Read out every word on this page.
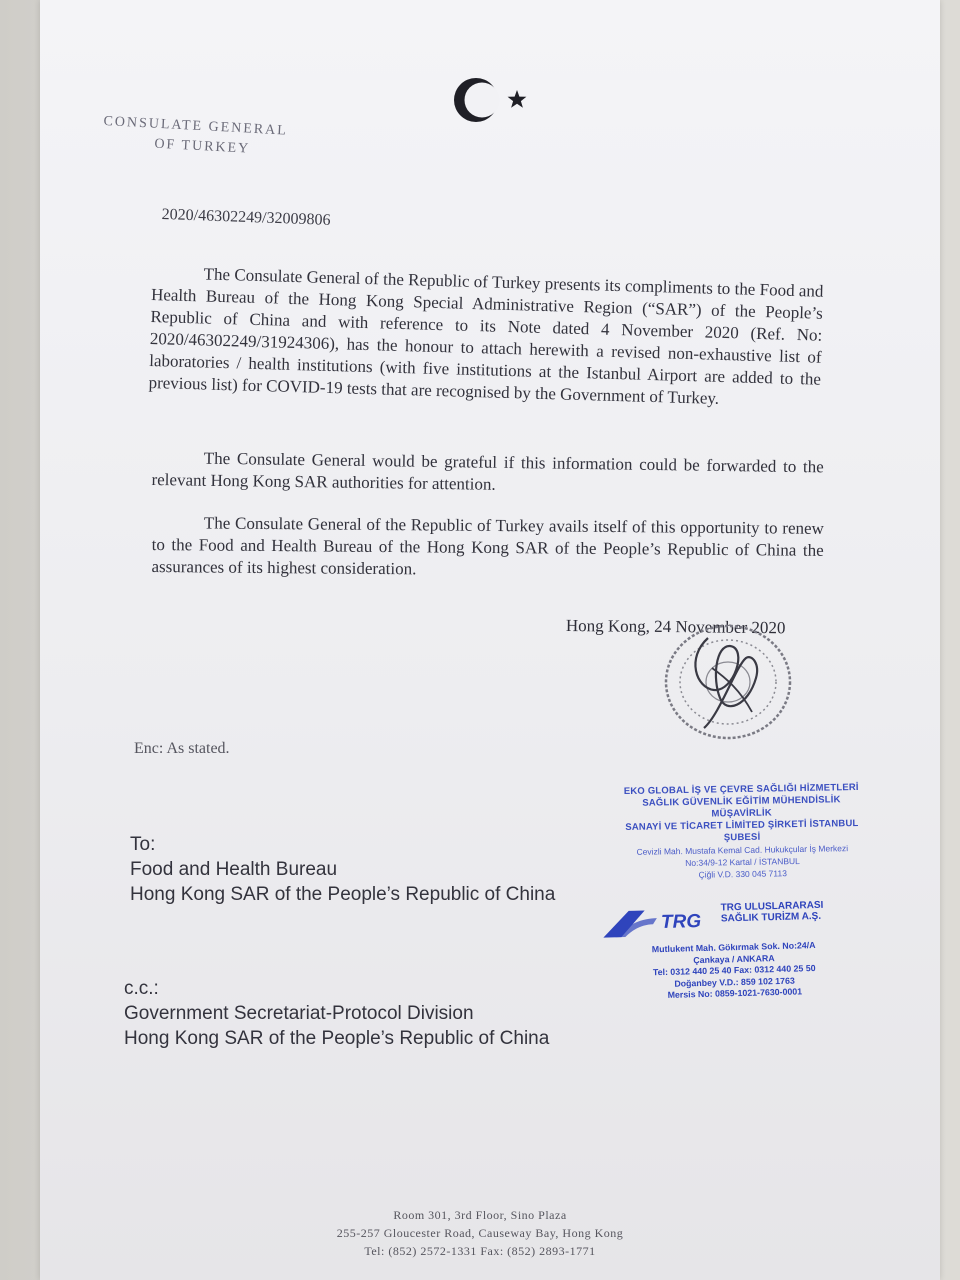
CONSULATE GENERAL
OF TURKEY
2020/46302249/32009806
The Consulate General of the Republic of Turkey presents its compliments to the Food and Health Bureau of the Hong Kong Special Administrative Region (“SAR”) of the People’s Republic of China and with reference to its Note dated 4 November 2020 (Ref. No: 2020/46302249/31924306), has the honour to attach herewith a revised non-exhaustive list of laboratories / health institutions (with five institutions at the Istanbul Airport are added to the previous list) for COVID-19 tests that are recognised by the Government of Turkey.
The Consulate General would be grateful if this information could be forwarded to the relevant Hong Kong SAR authorities for attention.
The Consulate General of the Republic of Turkey avails itself of this opportunity to renew to the Food and Health Bureau of the Hong Kong SAR of the People’s Republic of China the assurances of its highest consideration.
Hong Kong, 24 November 2020
Enc: As stated.
To:
Food and Health Bureau
Hong Kong SAR of the People’s Republic of China
c.c.:
Government Secretariat-Protocol Division
Hong Kong SAR of the People’s Republic of China
EKO GLOBAL İŞ VE ÇEVRE SAĞLIĞI HİZMETLERİ
SAĞLIK GÜVENLİK EĞİTİM MÜHENDİSLİK MÜŞAVİRLİK
SANAYİ VE TİCARET LİMİTED ŞİRKETİ İSTANBUL ŞUBESİ
Cevizli Mah. Mustafa Kemal Cad. Hukukçular İş Merkezi
No:34/9-12 Kartal / İSTANBUL
Çiğli V.D. 330 045 7113
TRG
TRG ULUSLARARASI
SAĞLIK TURİZM A.Ş.
Mutlukent Mah. Gökırmak Sok. No:24/A
Çankaya / ANKARA
Tel: 0312 440 25 40 Fax: 0312 440 25 50
Doğanbey V.D.: 859 102 1763
Mersis No: 0859-1021-7630-0001
Room 301, 3rd Floor, Sino Plaza
255-257 Gloucester Road, Causeway Bay, Hong Kong
Tel: (852) 2572-1331 Fax: (852) 2893-1771
